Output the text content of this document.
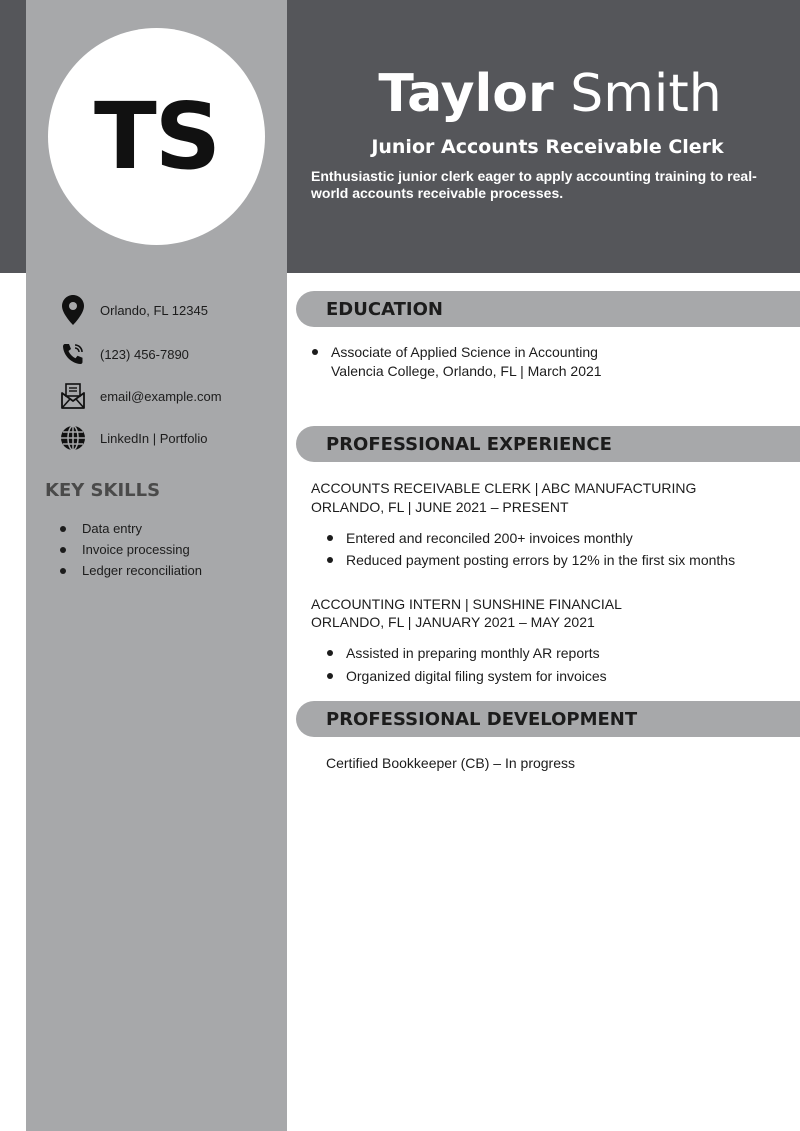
TS	Taylor Smith
Junior Accounts Receivable Clerk
Enthusiastic junior clerk eager to apply accounting training to real-world accounts receivable processes.
Orlando, FL 12345
(123) 456-7890
email@example.com
LinkedIn | Portfolio
KEY SKILLS
Data entry
Invoice processing
Ledger reconciliation
EDUCATION
Associate of Applied Science in Accounting
Valencia College, Orlando, FL | March 2021
PROFESSIONAL EXPERIENCE
ACCOUNTS RECEIVABLE CLERK | ABC MANUFACTURING
ORLANDO, FL | JUNE 2021 – PRESENT
Entered and reconciled 200+ invoices monthly
Reduced payment posting errors by 12% in the first six months
ACCOUNTING INTERN | SUNSHINE FINANCIAL
ORLANDO, FL | JANUARY 2021 – MAY 2021
Assisted in preparing monthly AR reports
Organized digital filing system for invoices
PROFESSIONAL DEVELOPMENT
Certified Bookkeeper (CB) – In progress
